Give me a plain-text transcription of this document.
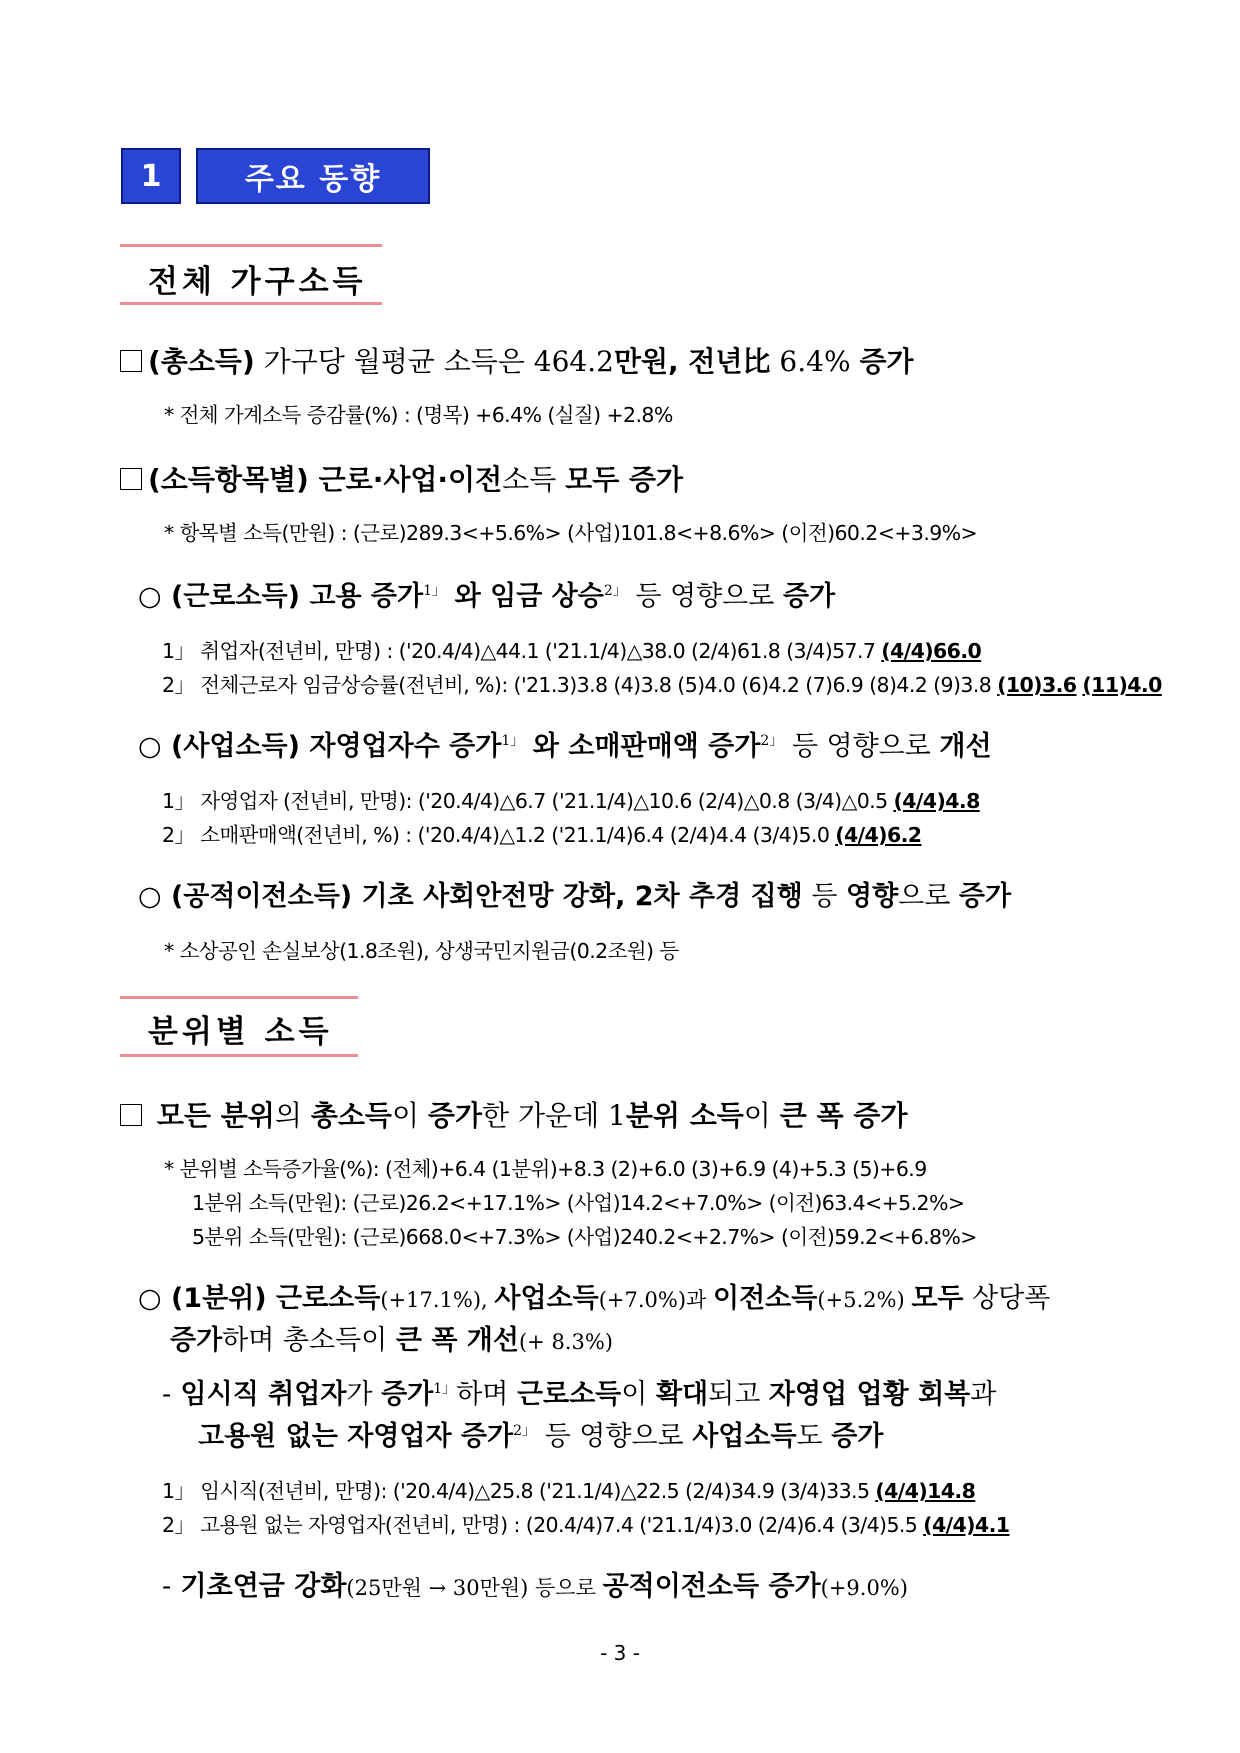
1	주요 동향
전체 가구소득
(총소득) 가구당 월평균 소득은 464.2만원, 전년比 6.4% 증가
* 전체 가계소득 증감률(%) : (명목) +6.4% (실질) +2.8%
(소득항목별) 근로·사업·이전소득 모두 증가
* 항목별 소득(만원) : (근로)289.3<+5.6%> (사업)101.8<+8.6%> (이전)60.2<+3.9%>
○ (근로소득) 고용 증가$^{1」}$ 와 임금 상승$^{2」}$ 등 영향으로 증가
1」 취업자(전년비, 만명) : ('20.4/4)△44.1 ('21.1/4)△38.0 (2/4)61.8 (3/4)57.7 (4/4)66.0
2」 전체근로자 임금상승률(전년비, %): ('21.3)3.8 (4)3.8 (5)4.0 (6)4.2 (7)6.9 (8)4.2 (9)3.8 (10)3.6 (11)4.0
○ (사업소득) 자영업자수 증가$^{1」}$ 와 소매판매액 증가$^{2」}$ 등 영향으로 개선
1」 자영업자 (전년비, 만명): ('20.4/4)△6.7 ('21.1/4)△10.6 (2/4)△0.8 (3/4)△0.5 (4/4)4.8
2」 소매판매액(전년비, %) : ('20.4/4)△1.2 ('21.1/4)6.4 (2/4)4.4 (3/4)5.0 (4/4)6.2
○ (공적이전소득) 기초 사회안전망 강화, 2차 추경 집행 등 영향으로 증가
* 소상공인 손실보상(1.8조원), 상생국민지원금(0.2조원) 등
분위별 소득
모든 분위의 총소득이 증가한 가운데 1분위 소득이 큰 폭 증가
* 분위별 소득증가율(%): (전체)+6.4 (1분위)+8.3 (2)+6.0 (3)+6.9 (4)+5.3 (5)+6.9
1분위 소득(만원): (근로)26.2<+17.1%> (사업)14.2<+7.0%> (이전)63.4<+5.2%>
5분위 소득(만원): (근로)668.0<+7.3%> (사업)240.2<+2.7%> (이전)59.2<+6.8%>
○ (1분위) 근로소득(+17.1%), 사업소득(+7.0%)과 이전소득(+5.2%) 모두 상당폭
증가하며 총소득이 큰 폭 개선(+ 8.3%)
- 임시직 취업자가 증가$^{1」}$하며 근로소득이 확대되고 자영업 업황 회복과
고용원 없는 자영업자 증가$^{2」}$ 등 영향으로 사업소득도 증가
1」 임시직(전년비, 만명): ('20.4/4)△25.8 ('21.1/4)△22.5 (2/4)34.9 (3/4)33.5 (4/4)14.8
2」 고용원 없는 자영업자(전년비, 만명) : (20.4/4)7.4 ('21.1/4)3.0 (2/4)6.4 (3/4)5.5 (4/4)4.1
- 기초연금 강화(25만원 → 30만원) 등으로 공적이전소득 증가(+9.0%)
- 3 -
